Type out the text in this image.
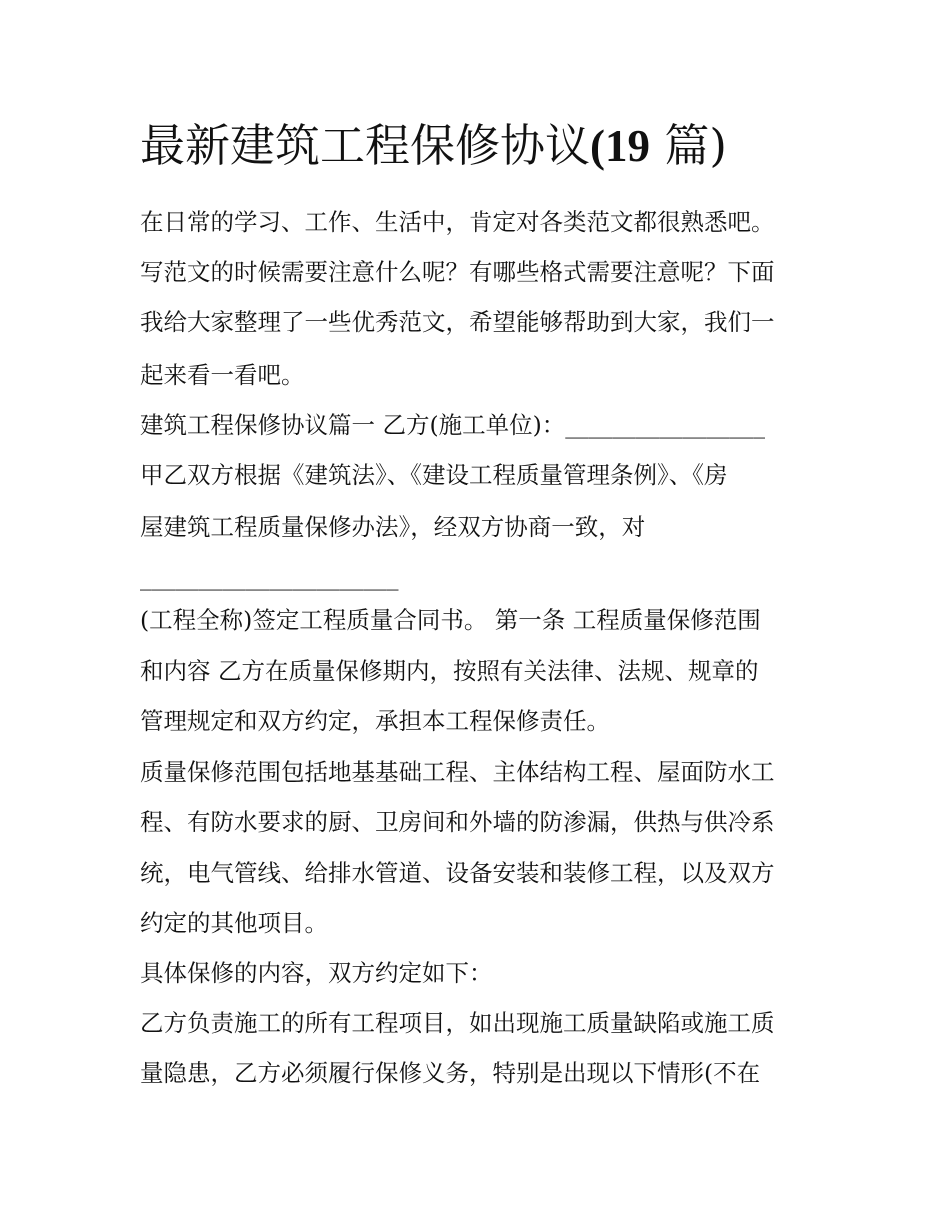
最新建筑工程保修协议(19 篇)

在日常的学习、工作、生活中，肯定对各类范文都很熟悉吧。

写范文的时候需要注意什么呢？有哪些格式需要注意呢？下面

我给大家整理了一些优秀范文，希望能够帮助到大家，我们一

起来看一看吧。

建筑工程保修协议篇一 乙方(施工单位)：_________________

甲乙双方根据《建筑法》、《建设工程质量管理条例》、《房

屋建筑工程质量保修办法》，经双方协商一致，对

______________________

(工程全称)签定工程质量合同书。 第一条 工程质量保修范围

和内容 乙方在质量保修期内，按照有关法律、法规、规章的

管理规定和双方约定，承担本工程保修责任。

质量保修范围包括地基基础工程、主体结构工程、屋面防水工

程、有防水要求的厨、卫房间和外墙的防渗漏，供热与供冷系

统，电气管线、给排水管道、设备安装和装修工程，以及双方

约定的其他项目。

具体保修的内容，双方约定如下：

乙方负责施工的所有工程项目，如出现施工质量缺陷或施工质

量隐患，乙方必须履行保修义务，特别是出现以下情形(不在
